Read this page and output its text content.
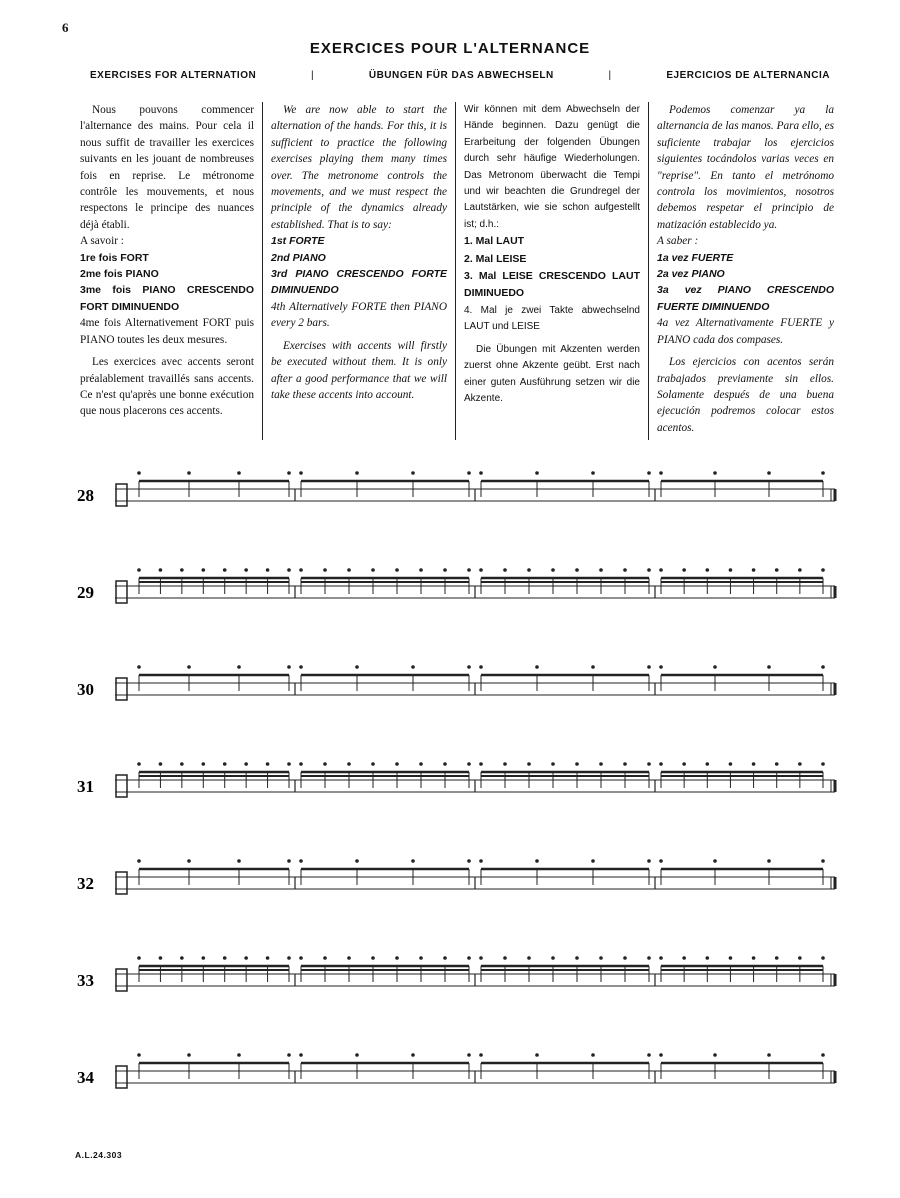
6
EXERCICES POUR L'ALTERNANCE
EXERCISES FOR ALTERNATION	|	ÜBUNGEN FÜR DAS ABWECHSELN	|	EJERCICIOS DE ALTERNANCIA

Nous pouvons commencer l'alternance des mains. Pour cela il nous suffit de travailler les exercices suivants en les jouant de nombreuses fois en reprise. Le métronome contrôle les mouvements, et nous respectons le principe des nuances déjà établi.

A savoir :

1re fois FORT

2me fois PIANO

3me fois PIANO CRESCENDO FORT DIMINUENDO

4me fois Alternativement FORT puis PIANO toutes les deux mesures.

Les exercices avec accents seront préalablement travaillés sans accents. Ce n'est qu'après une bonne exécution que nous placerons ces accents.

We are now able to start the alternation of the hands. For this, it is sufficient to practice the following exercises playing them many times over. The metronome controls the movements, and we must respect the principle of the dynamics already established. That is to say:

1st FORTE

2nd PIANO

3rd PIANO CRESCENDO FORTE DIMINUENDO

4th Alternatively FORTE then PIANO every 2 bars.

Exercises with accents will firstly be executed without them. It is only after a good performance that we will take these accents into account.

Wir können mit dem Abwechseln der Hände beginnen. Dazu genügt die Erarbeitung der folgenden Übungen durch sehr häufige Wiederholungen. Das Metronom überwacht die Tempi und wir beachten die Grundregel der Lautstärken, wie sie schon aufgestellt ist; d.h.:

1. Mal LAUT

2. Mal LEISE

3. Mal LEISE CRESCENDO LAUT DIMINUEDO

4. Mal je zwei Takte abwechselnd LAUT und LEISE

Die Übungen mit Akzenten werden zuerst ohne Akzente geübt. Erst nach einer guten Ausführung setzen wir die Akzente.

Podemos comenzar ya la alternancia de las manos. Para ello, es suficiente trabajar los ejercicios siguientes tocándolos varias veces en "reprise". En tanto el metrónomo controla los movimientos, nosotros debemos respetar el principio de matización establecido ya.

A saber :

1a vez FUERTE

2a vez PIANO

3a vez PIANO CRESCENDO FUERTE DIMINUENDO

4a vez Alternativamente FUERTE y PIANO cada dos compases.

Los ejercicios con acentos serán trabajados previamente sin ellos. Solamente después de una buena ejecución podremos colocar estos acentos.

28
29
30
31
32
33
34
A.L.24.303
